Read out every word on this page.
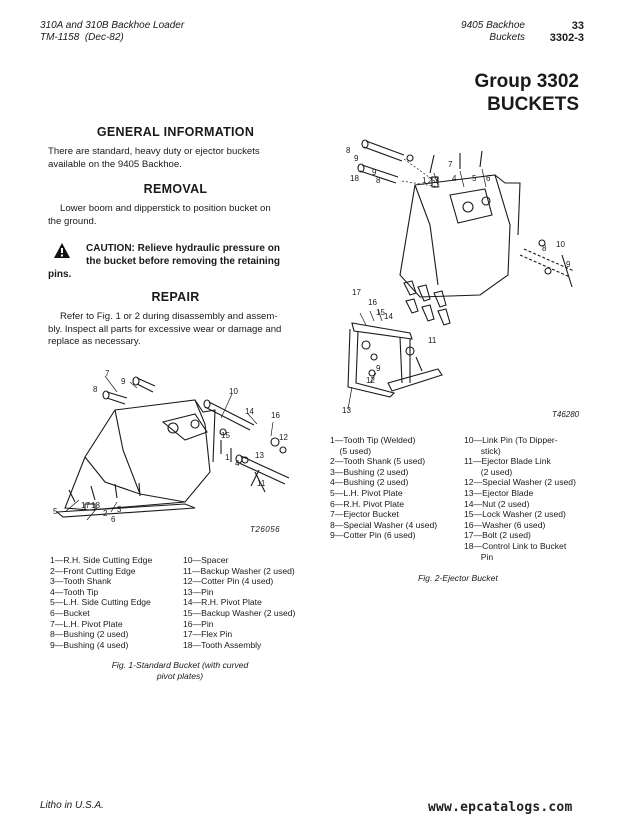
310A and 310B Backhoe Loader
TM-1158 (Dec-82)
9405 Backhoe
Buckets
33
3302-3
Group 3302
BUCKETS
GENERAL INFORMATION
There are standard, heavy duty or ejector buckets
available on the 9405 Backhoe.
REMOVAL
Lower boom and dipperstick to position bucket on
the ground.
CAUTION: Relieve hydraulic pressure on
the bucket before removing the retaining
pins.
REPAIR
Refer to Fig. 1 or 2 during disassembly and assem-
bly. Inspect all parts for excessive wear or damage and
replace as necessary.
7
9
8	10
14 16
12
15
13
11
17
5
18
2
6
3
4
1
T26056
1—R.H. Side Cutting Edge
2—Front Cutting Edge
3—Tooth Shank
4—Tooth Tip
5—L.H. Side Cutting Edge
6—Bucket
7—L.H. Pivot Plate
8—Bushing (2 used)
9—Bushing (4 used)
10—Spacer
11—Backup Washer (2 used)
12—Cotter Pin (4 used)
13—Pin
14—R.H. Pivot Plate
15—Backup Washer (2 used)
16—Pin
17—Flex Pin
18—Tooth Assembly
Fig. 1-Standard Bucket (with curved
pivot plates)
8
9
18
9
8
7
1 2 3 4 5 6
10
8
9
17
16
15 14
11
9
12
13	T46280
1—Tooth Tip (Welded)
(5 used)
2—Tooth Shank (5 used)
3—Bushing (2 used)
4—Bushing (2 used)
5—L.H. Pivot Plate
6—R.H. Pivot Plate
7—Ejector Bucket
8—Special Washer (4 used)
9—Cotter Pin (6 used)
10—Link Pin (To Dipper-
stick)
11—Ejector Blade Link
(2 used)
12—Special Washer (2 used)
13—Ejector Blade
14—Nut (2 used)
15—Lock Washer (2 used)
16—Washer (6 used)
17—Bolt (2 used)
18—Control Link to Bucket
Pin
Fig. 2-Ejector Bucket
Litho in U.S.A.	www.epcatalogs.com
